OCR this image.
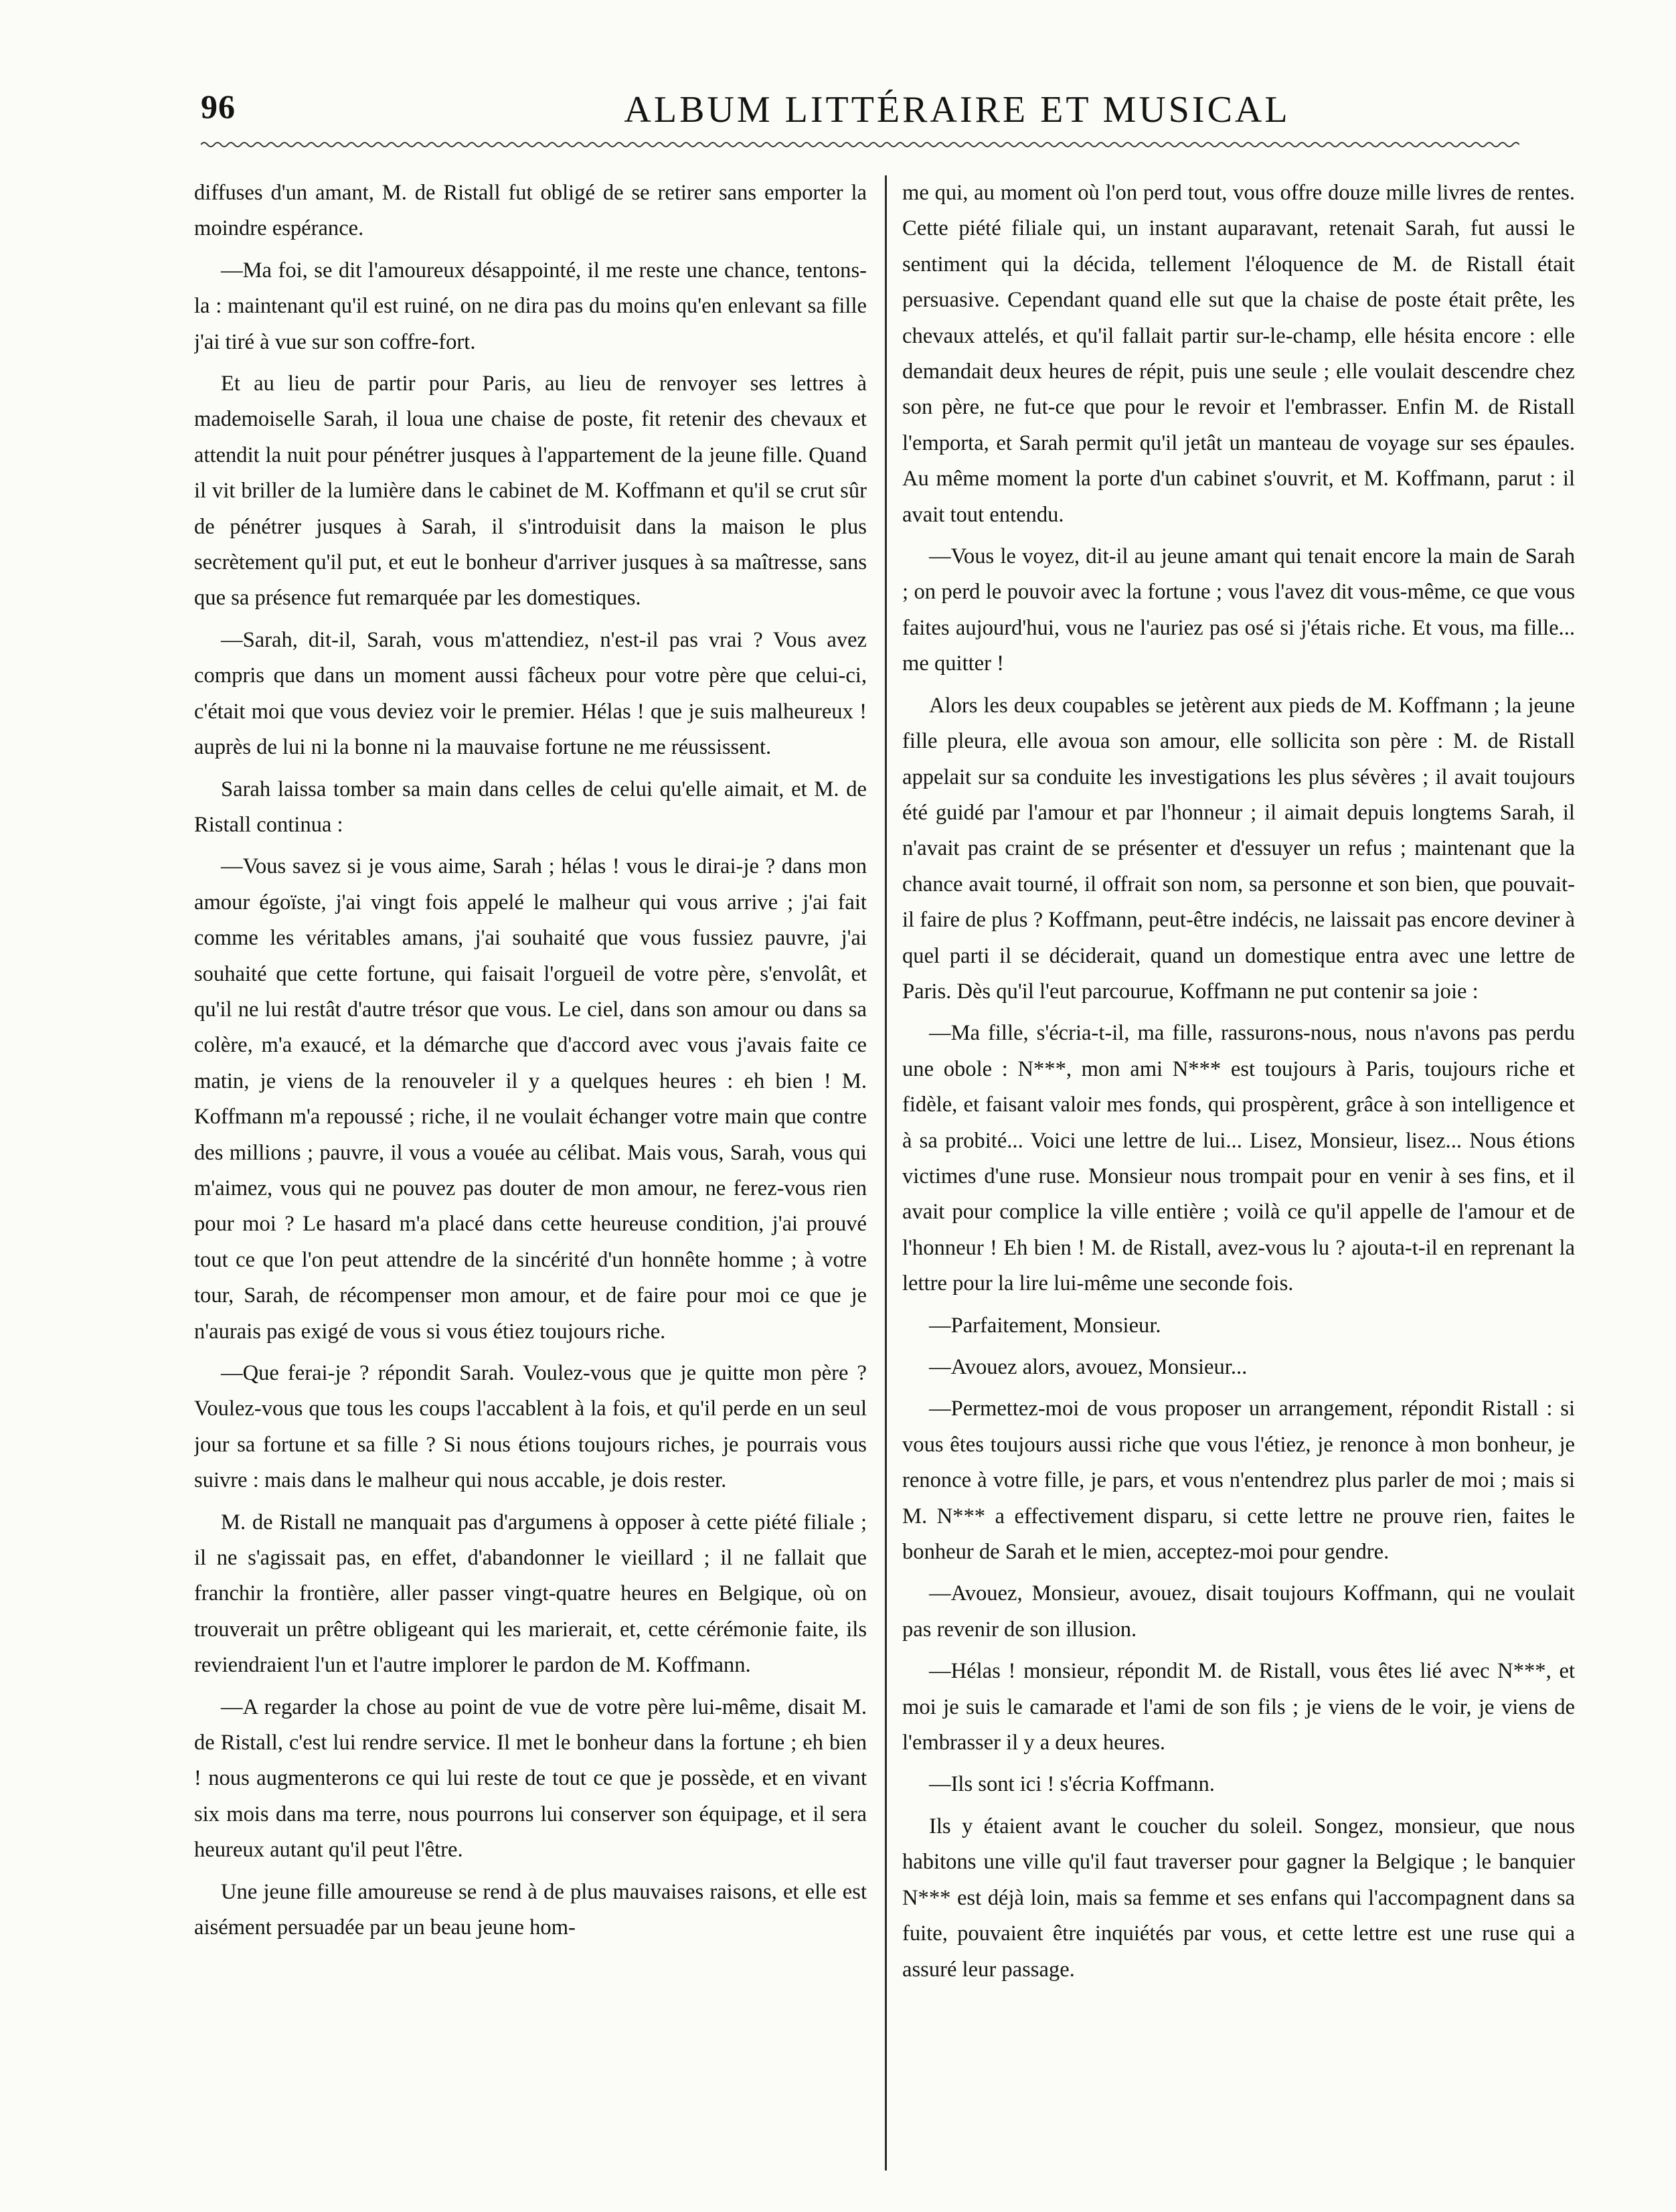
96	ALBUM LITTÉRAIRE ET MUSICAL

diffuses d'un amant, M. de Ristall fut obligé de se retirer sans emporter la moindre espérance.

—Ma foi, se dit l'amoureux désappointé, il me reste une chance, tentons-la : maintenant qu'il est ruiné, on ne dira pas du moins qu'en enlevant sa fille j'ai tiré à vue sur son coffre-fort.

Et au lieu de partir pour Paris, au lieu de renvoyer ses lettres à mademoiselle Sarah, il loua une chaise de poste, fit retenir des chevaux et attendit la nuit pour pénétrer jusques à l'appartement de la jeune fille. Quand il vit briller de la lumière dans le cabinet de M. Koffmann et qu'il se crut sûr de pénétrer jusques à Sarah, il s'introduisit dans la maison le plus secrètement qu'il put, et eut le bonheur d'arriver jusques à sa maîtresse, sans que sa présence fut remarquée par les domestiques.

—Sarah, dit-il, Sarah, vous m'attendiez, n'est-il pas vrai ? Vous avez compris que dans un moment aussi fâcheux pour votre père que celui-ci, c'était moi que vous deviez voir le premier. Hélas ! que je suis malheureux ! auprès de lui ni la bonne ni la mauvaise fortune ne me réussissent.

Sarah laissa tomber sa main dans celles de celui qu'elle aimait, et M. de Ristall continua :

—Vous savez si je vous aime, Sarah ; hélas ! vous le dirai-je ? dans mon amour égoïste, j'ai vingt fois appelé le malheur qui vous arrive ; j'ai fait comme les véritables amans, j'ai souhaité que vous fussiez pauvre, j'ai souhaité que cette fortune, qui faisait l'orgueil de votre père, s'envolât, et qu'il ne lui restât d'autre trésor que vous. Le ciel, dans son amour ou dans sa colère, m'a exaucé, et la démarche que d'accord avec vous j'avais faite ce matin, je viens de la renouveler il y a quelques heures : eh bien ! M. Koffmann m'a repoussé ; riche, il ne voulait échanger votre main que contre des millions ; pauvre, il vous a vouée au célibat. Mais vous, Sarah, vous qui m'aimez, vous qui ne pouvez pas douter de mon amour, ne ferez-vous rien pour moi ? Le hasard m'a placé dans cette heureuse condition, j'ai prouvé tout ce que l'on peut attendre de la sincérité d'un honnête homme ; à votre tour, Sarah, de récompenser mon amour, et de faire pour moi ce que je n'aurais pas exigé de vous si vous étiez toujours riche.

—Que ferai-je ? répondit Sarah. Voulez-vous que je quitte mon père ? Voulez-vous que tous les coups l'accablent à la fois, et qu'il perde en un seul jour sa fortune et sa fille ? Si nous étions toujours riches, je pourrais vous suivre : mais dans le malheur qui nous accable, je dois rester.

M. de Ristall ne manquait pas d'argumens à opposer à cette piété filiale ; il ne s'agissait pas, en effet, d'abandonner le vieillard ; il ne fallait que franchir la frontière, aller passer vingt-quatre heures en Belgique, où on trouverait un prêtre obligeant qui les marierait, et, cette cérémonie faite, ils reviendraient l'un et l'autre implorer le pardon de M. Koffmann.

—A regarder la chose au point de vue de votre père lui-même, disait M. de Ristall, c'est lui rendre service. Il met le bonheur dans la fortune ; eh bien ! nous augmenterons ce qui lui reste de tout ce que je possède, et en vivant six mois dans ma terre, nous pourrons lui conserver son équipage, et il sera heureux autant qu'il peut l'être.

Une jeune fille amoureuse se rend à de plus mauvaises raisons, et elle est aisément persuadée par un beau jeune hom-

me qui, au moment où l'on perd tout, vous offre douze mille livres de rentes. Cette piété filiale qui, un instant auparavant, retenait Sarah, fut aussi le sentiment qui la décida, tellement l'éloquence de M. de Ristall était persuasive. Cependant quand elle sut que la chaise de poste était prête, les chevaux attelés, et qu'il fallait partir sur-le-champ, elle hésita encore : elle demandait deux heures de répit, puis une seule ; elle voulait descendre chez son père, ne fut-ce que pour le revoir et l'embrasser. Enfin M. de Ristall l'emporta, et Sarah permit qu'il jetât un manteau de voyage sur ses épaules. Au même moment la porte d'un cabinet s'ouvrit, et M. Koffmann, parut : il avait tout entendu.

—Vous le voyez, dit-il au jeune amant qui tenait encore la main de Sarah ; on perd le pouvoir avec la fortune ; vous l'avez dit vous-même, ce que vous faites aujourd'hui, vous ne l'auriez pas osé si j'étais riche. Et vous, ma fille... me quitter !

Alors les deux coupables se jetèrent aux pieds de M. Koffmann ; la jeune fille pleura, elle avoua son amour, elle sollicita son père : M. de Ristall appelait sur sa conduite les investigations les plus sévères ; il avait toujours été guidé par l'amour et par l'honneur ; il aimait depuis longtems Sarah, il n'avait pas craint de se présenter et d'essuyer un refus ; maintenant que la chance avait tourné, il offrait son nom, sa personne et son bien, que pouvait-il faire de plus ? Koffmann, peut-être indécis, ne laissait pas encore deviner à quel parti il se déciderait, quand un domestique entra avec une lettre de Paris. Dès qu'il l'eut parcourue, Koffmann ne put contenir sa joie :

—Ma fille, s'écria-t-il, ma fille, rassurons-nous, nous n'avons pas perdu une obole : N***, mon ami N*** est toujours à Paris, toujours riche et fidèle, et faisant valoir mes fonds, qui prospèrent, grâce à son intelligence et à sa probité... Voici une lettre de lui... Lisez, Monsieur, lisez... Nous étions victimes d'une ruse. Monsieur nous trompait pour en venir à ses fins, et il avait pour complice la ville entière ; voilà ce qu'il appelle de l'amour et de l'honneur ! Eh bien ! M. de Ristall, avez-vous lu ? ajouta-t-il en reprenant la lettre pour la lire lui-même une seconde fois.

—Parfaitement, Monsieur.

—Avouez alors, avouez, Monsieur...

—Permettez-moi de vous proposer un arrangement, répondit Ristall : si vous êtes toujours aussi riche que vous l'étiez, je renonce à mon bonheur, je renonce à votre fille, je pars, et vous n'entendrez plus parler de moi ; mais si M. N*** a effectivement disparu, si cette lettre ne prouve rien, faites le bonheur de Sarah et le mien, acceptez-moi pour gendre.

—Avouez, Monsieur, avouez, disait toujours Koffmann, qui ne voulait pas revenir de son illusion.

—Hélas ! monsieur, répondit M. de Ristall, vous êtes lié avec N***, et moi je suis le camarade et l'ami de son fils ; je viens de le voir, je viens de l'embrasser il y a deux heures.

—Ils sont ici ! s'écria Koffmann.

Ils y étaient avant le coucher du soleil. Songez, monsieur, que nous habitons une ville qu'il faut traverser pour gagner la Belgique ; le banquier N*** est déjà loin, mais sa femme et ses enfans qui l'accompagnent dans sa fuite, pouvaient être inquiétés par vous, et cette lettre est une ruse qui a assuré leur passage.
